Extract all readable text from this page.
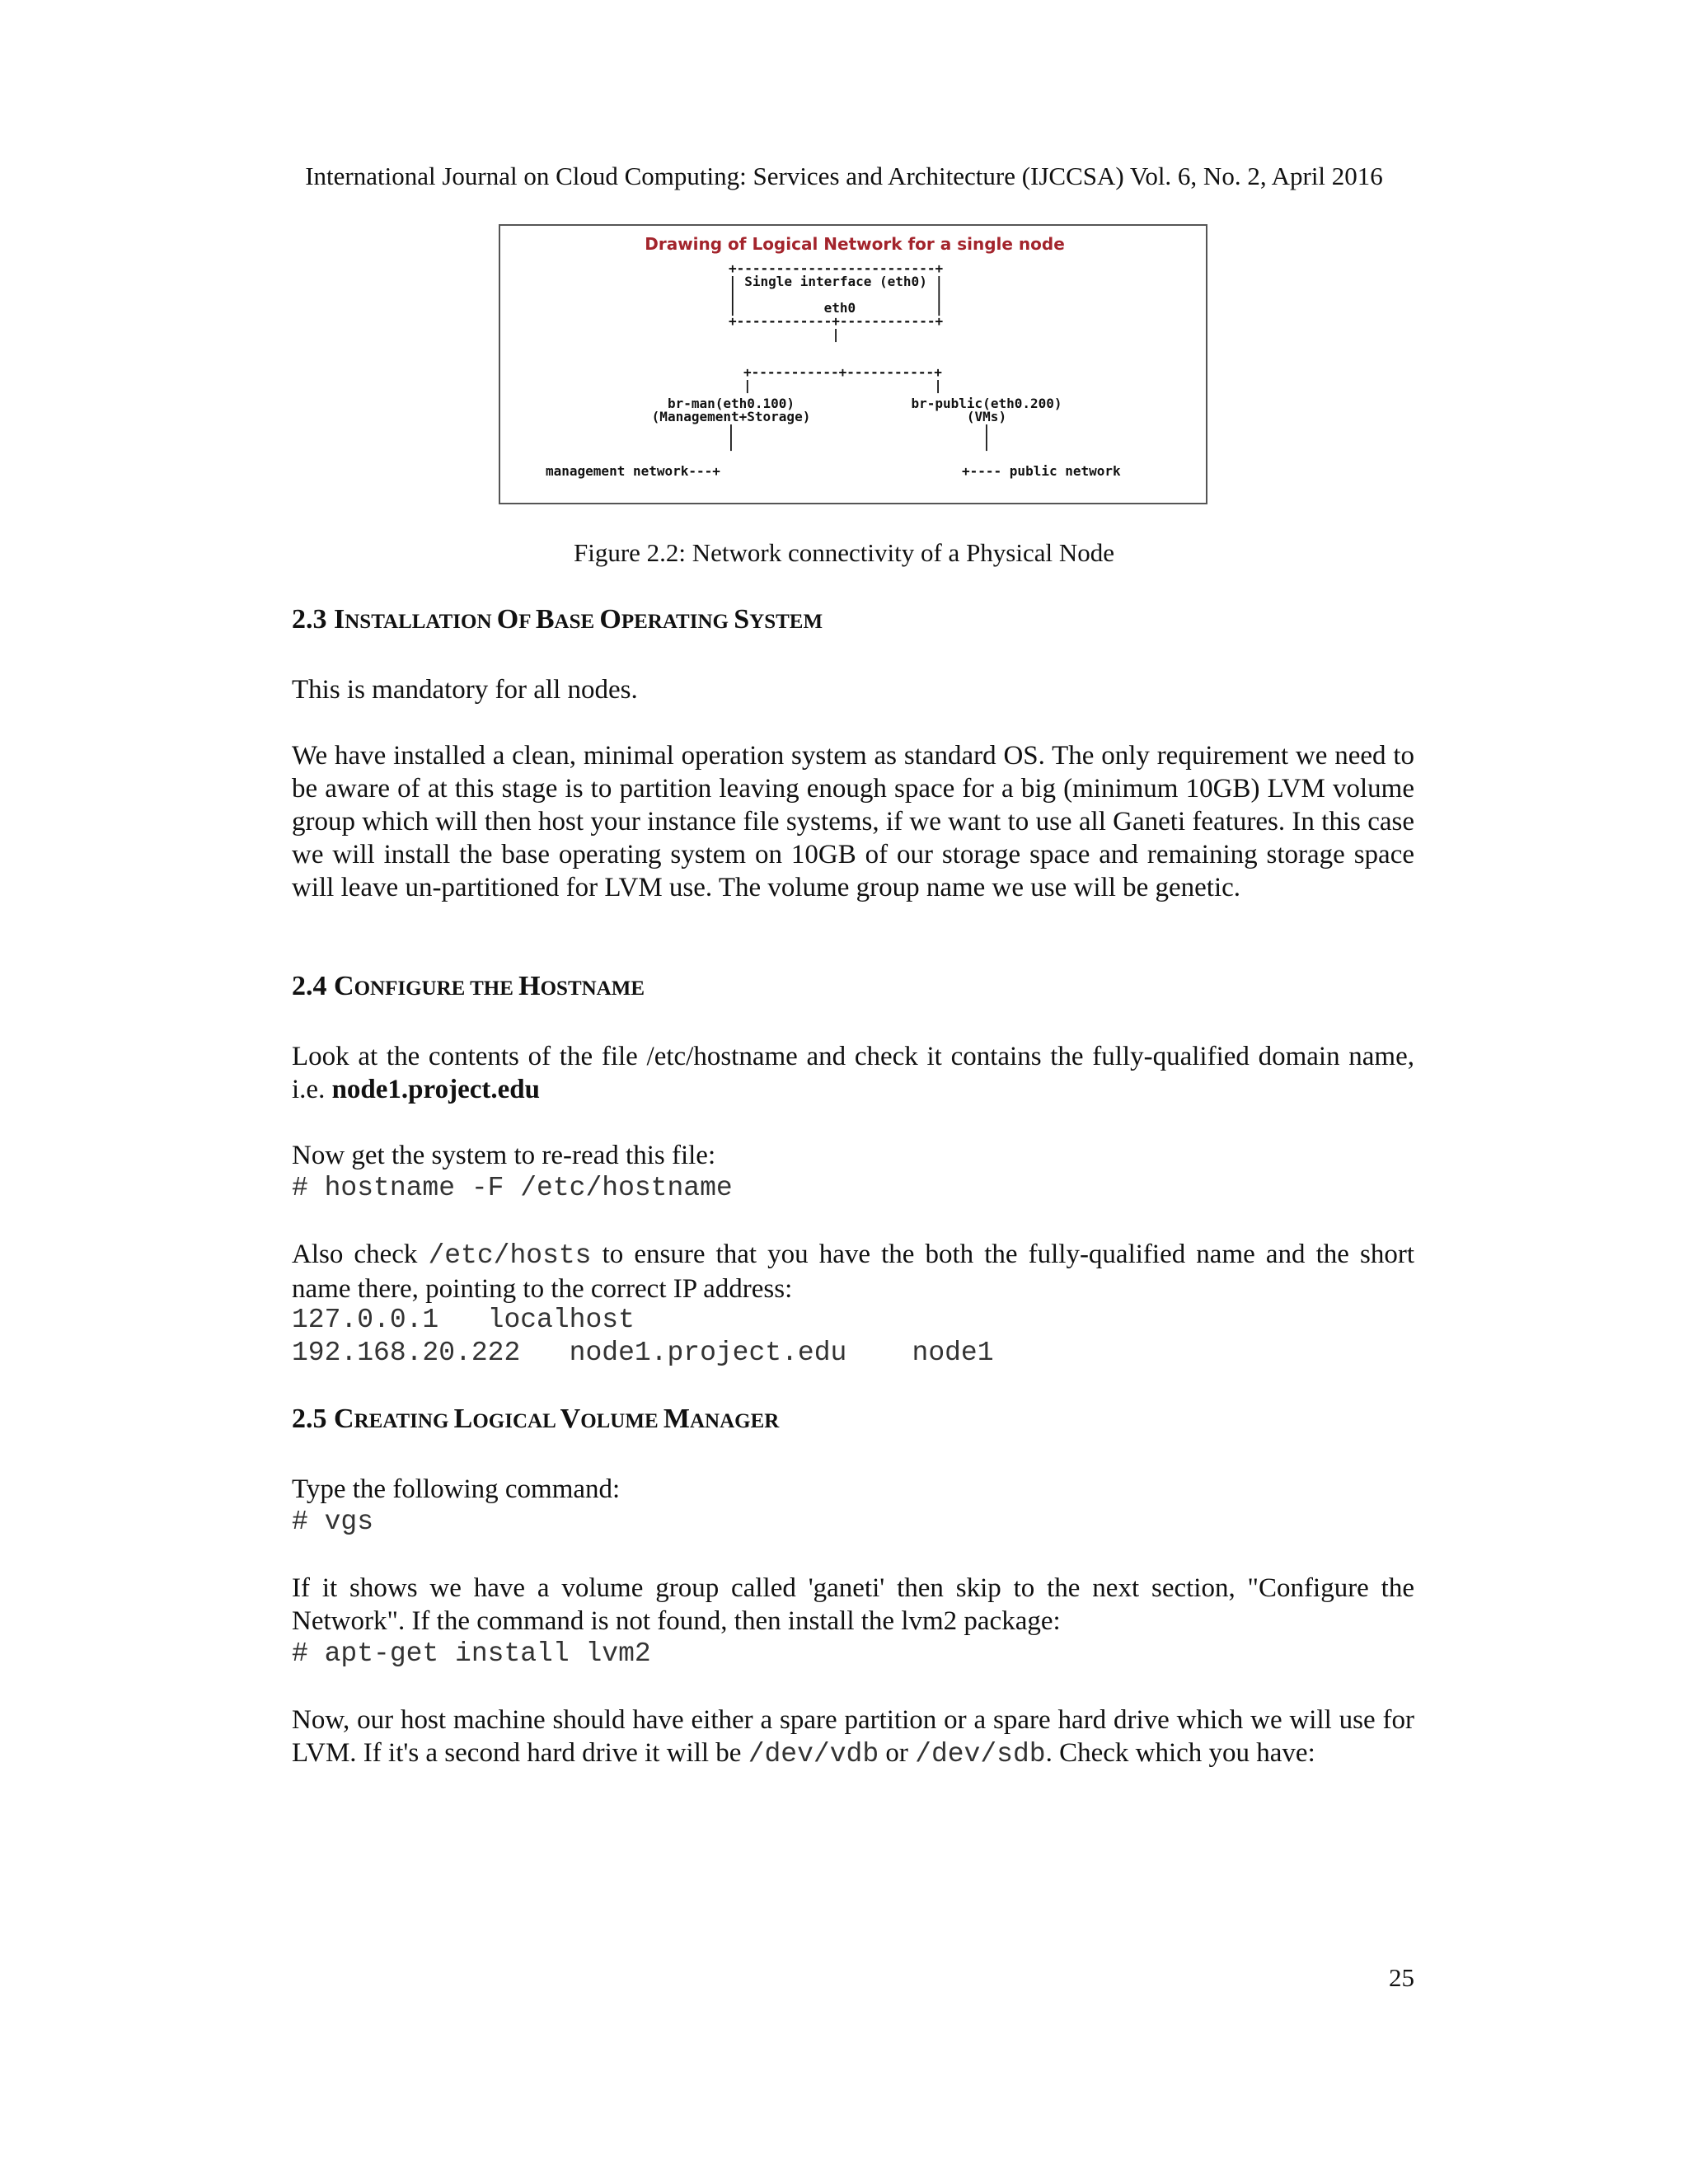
International Journal on Cloud Computing: Services and Architecture (IJCCSA) Vol. 6, No. 2, April 2016
Drawing of Logical Network for a single node
+-------------------------+
| Single interface (eth0) |
|                         |
|           eth0          |
+------------+------------+
|
+-----------+-----------+
|                       |
br-man(eth0.100)
(Management+Storage)
|
|
br-public(eth0.200)
(VMs)
|
|
management network---+	+---- public network
Figure 2.2: Network connectivity of a Physical Node
2.3 INSTALLATION OF BASE OPERATING SYSTEM

This is mandatory for all nodes.

We have installed a clean, minimal operation system as standard OS. The only requirement we need to be aware of at this stage is to partition leaving enough space for a big (minimum 10GB) LVM volume group which will then host your instance file systems, if we want to use all Ganeti features. In this case we will install the base operating system on 10GB of our storage space and remaining storage space will leave un-partitioned for LVM use. The volume group name we use will be genetic.

2.4 CONFIGURE THE HOSTNAME

Look at the contents of the file /etc/hostname and check it contains the fully-qualified domain name, i.e. node1.project.edu

Now get the system to re-read this file:

# hostname -F /etc/hostname

Also check /etc/hosts to ensure that you have the both the fully-qualified name and the short name there, pointing to the correct IP address:

127.0.0.1   localhost
192.168.20.222   node1.project.edu    node1
2.5 CREATING LOGICAL VOLUME MANAGER

Type the following command:

# vgs

If it shows we have a volume group called 'ganeti' then skip to the next section, "Configure the Network". If the command is not found, then install the lvm2 package:

# apt-get install lvm2

Now, our host machine should have either a spare partition or a spare hard drive which we will use for LVM. If it's a second hard drive it will be /dev/vdb or /dev/sdb. Check which you have:

25
